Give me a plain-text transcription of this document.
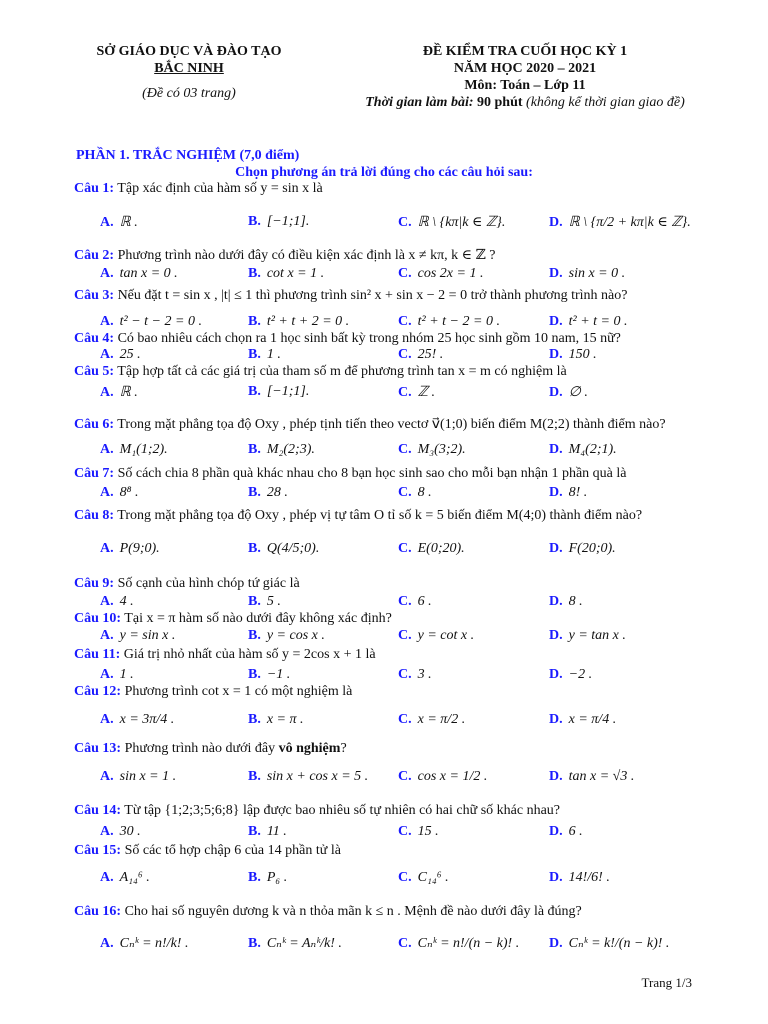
SỞ GIÁO DỤC VÀ ĐÀO TẠO
BẮC NINH
(Đề có 03 trang)
ĐỀ KIỂM TRA CUỐI HỌC KỲ 1
NĂM HỌC 2020 – 2021
Môn: Toán – Lớp 11
Thời gian làm bài: 90 phút (không kể thời gian giao đề)
PHẦN 1. TRẮC NGHIỆM (7,0 điểm)
Chọn phương án trả lời đúng cho các câu hỏi sau:
Câu 1: Tập xác định của hàm số y = sin x là
A. ℝ .	B. [−1;1].	C. ℝ \ {kπ|k ∈ ℤ}.	D. ℝ \ {π/2 + kπ|k ∈ ℤ}.
Câu 2: Phương trình nào dưới đây có điều kiện xác định là x ≠ kπ, k ∈ ℤ ?
A. tan x = 0 .	B. cot x = 1 .	C. cos 2x = 1 .	D. sin x = 0 .
Câu 3: Nếu đặt t = sin x , |t| ≤ 1 thì phương trình sin² x + sin x − 2 = 0 trở thành phương trình nào?
A. t² − t − 2 = 0 .	B. t² + t + 2 = 0 .	C. t² + t − 2 = 0 .	D. t² + t = 0 .
Câu 4: Có bao nhiêu cách chọn ra 1 học sinh bất kỳ trong nhóm 25 học sinh gồm 10 nam, 15 nữ?
A. 25 .	B. 1 .	C. 25! .	D. 150 .
Câu 5: Tập hợp tất cả các giá trị của tham số m để phương trình tan x = m có nghiệm là
A. ℝ .	B. [−1;1].	C. ℤ .	D. ∅ .
Câu 6: Trong mặt phẳng tọa độ Oxy , phép tịnh tiến theo vectơ v⃗(1;0) biến điểm M(2;2) thành điểm nào?
A. M₁(1;2).	B. M₂(2;3).	C. M₃(3;2).	D. M₄(2;1).
Câu 7: Số cách chia 8 phần quà khác nhau cho 8 bạn học sinh sao cho mỗi bạn nhận 1 phần quà là
A. 8⁸ .	B. 28 .	C. 8 .	D. 8! .
Câu 8: Trong mặt phẳng tọa độ Oxy , phép vị tự tâm O tỉ số k = 5 biến điểm M(4;0) thành điểm nào?
A. P(9;0).	B. Q(4/5;0).	C. E(0;20).	D. F(20;0).
Câu 9: Số cạnh của hình chóp tứ giác là
A. 4 .	B. 5 .	C. 6 .	D. 8 .
Câu 10: Tại x = π hàm số nào dưới đây không xác định?
A. y = sin x .	B. y = cos x .	C. y = cot x .	D. y = tan x .
Câu 11: Giá trị nhỏ nhất của hàm số y = 2cos x + 1 là
A. 1 .	B. −1 .	C. 3 .	D. −2 .
Câu 12: Phương trình cot x = 1 có một nghiệm là
A. x = 3π/4 .	B. x = π .	C. x = π/2 .	D. x = π/4 .
Câu 13: Phương trình nào dưới đây vô nghiệm?
A. sin x = 1 .	B. sin x + cos x = 5 . C. cos x = 1/2 .	D. tan x = √3 .
Câu 14: Từ tập {1;2;3;5;6;8} lập được bao nhiêu số tự nhiên có hai chữ số khác nhau?
A. 30 .	B. 11 .	C. 15 .	D. 6 .
Câu 15: Số các tổ hợp chập 6 của 14 phần tử là
A. A₁₄⁶ .	B. P₆ .	C. C₁₄⁶ .	D. 14!/6! .
Câu 16: Cho hai số nguyên dương k và n thỏa mãn k ≤ n . Mệnh đề nào dưới đây là đúng?
A. Cₙᵏ = n!/k! .	B. Cₙᵏ = Aₙᵏ/k! .	C. Cₙᵏ = n!/(n − k)! . D. Cₙᵏ = k!/(n − k)! .
Trang 1/3
